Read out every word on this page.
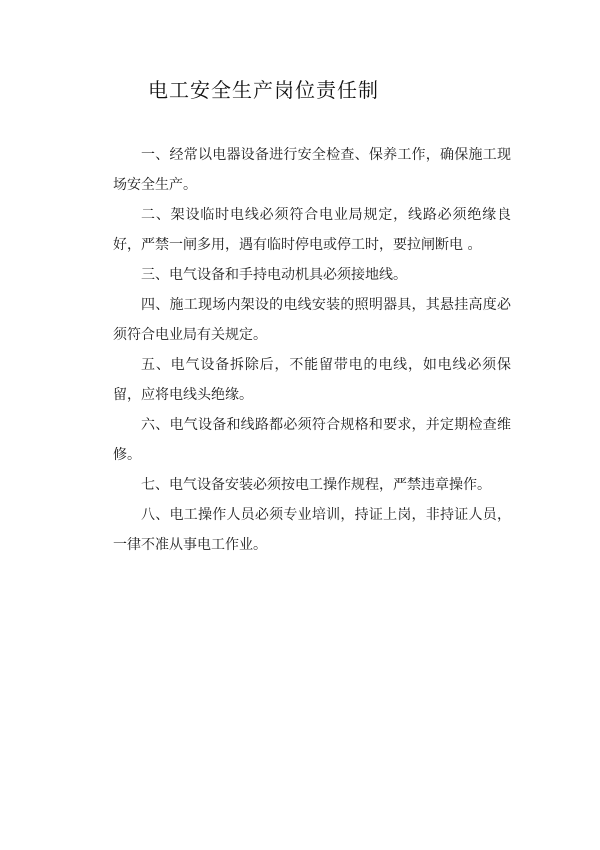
电工安全生产岗位责任制

一、经常以电器设备进行安全检查、保养工作，确保施工现场安全生产。

二、架设临时电线必须符合电业局规定，线路必须绝缘良好，严禁一闸多用，遇有临时停电或停工时，要拉闸断电 。

三、电气设备和手持电动机具必须接地线。

四、施工现场内架设的电线安装的照明器具，其悬挂高度必须符合电业局有关规定。

五、电气设备拆除后，不能留带电的电线，如电线必须保留，应将电线头绝缘。

六、电气设备和线路都必须符合规格和要求，并定期检查维修。

七、电气设备安装必须按电工操作规程，严禁违章操作。

八、电工操作人员必须专业培训，持证上岗，非持证人员，一律不准从事电工作业。
